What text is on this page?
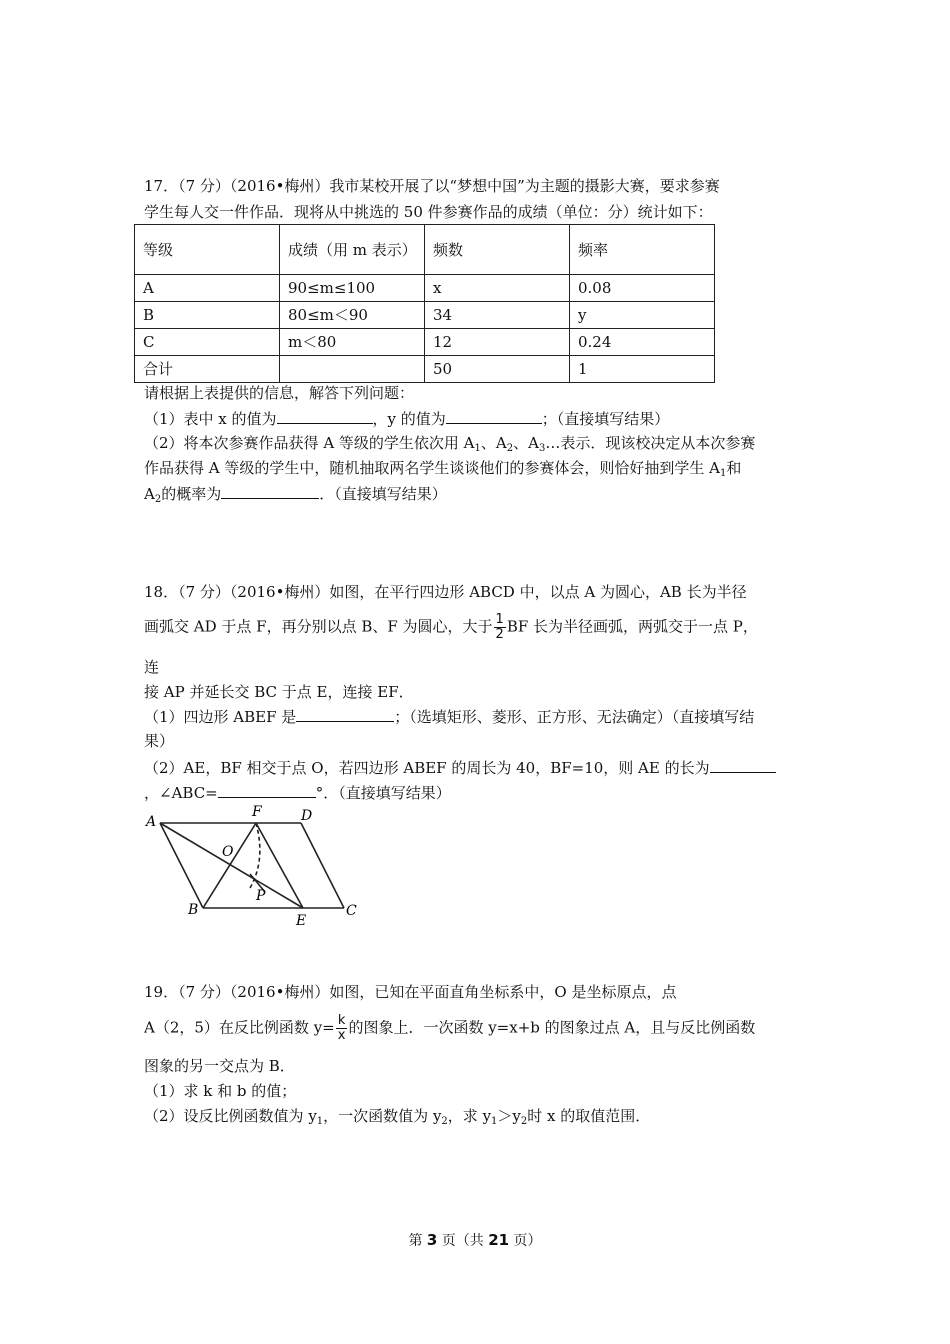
17．（7 分）（2016•梅州）我市某校开展了以“梦想中国”为主题的摄影大赛，要求参赛
学生每人交一件作品．现将从中挑选的 50 件参赛作品的成绩（单位：分）统计如下：
等级	成绩（用 m 表示）	频数	频率
A	90≤m≤100	x	0.08
B	80≤m＜90	34	y
C	m＜80	12	0.24
合计		50	1
请根据上表提供的信息，解答下列问题：
（1）表中 x 的值为	，y 的值为	；（直接填写结果）
（2）将本次参赛作品获得 A 等级的学生依次用 $A_1$、$A_2$、$A_3\dots$表示．现该校决定从本次参赛
作品获得 A 等级的学生中，随机抽取两名学生谈谈他们的参赛体会，则恰好抽到学生 $A_1$和
$A_2$的概率为	．（直接填写结果）
18．（7 分）（2016•梅州）如图，在平行四边形 ABCD 中，以点 A 为圆心，AB 长为半径
画弧交 AD 于点 F，再分别以点 B、F 为圆心，大于 $\frac{1}{2}$ BF 长为半径画弧，两弧交于一点 P，
连
接 AP 并延长交 BC 于点 E，连接 EF．
（1）四边形 ABEF 是	；（选填矩形、菱形、正方形、无法确定）（直接填写结
果）
（2）AE，BF 相交于点 O，若四边形 ABEF 的周长为 40，BF=10，则 AE 的长为
，∠ABC=	°．（直接填写结果）
A
F	D
O
P
B
E
C
19．（7 分）（2016•梅州）如图，已知在平面直角坐标系中，O 是坐标原点，点
A（2，5）在反比例函数 $y= \frac{k}{x}$ 的图象上．一次函数 y=x+b 的图象过点 A，且与反比例函数
图象的另一交点为 B．
（1）求 k 和 b 的值；
（2）设反比例函数值为 $y_1$，一次函数值为 $y_2$，求 $y_1>y_2$时 x 的取值范围．
第 3 页（共 21 页）
